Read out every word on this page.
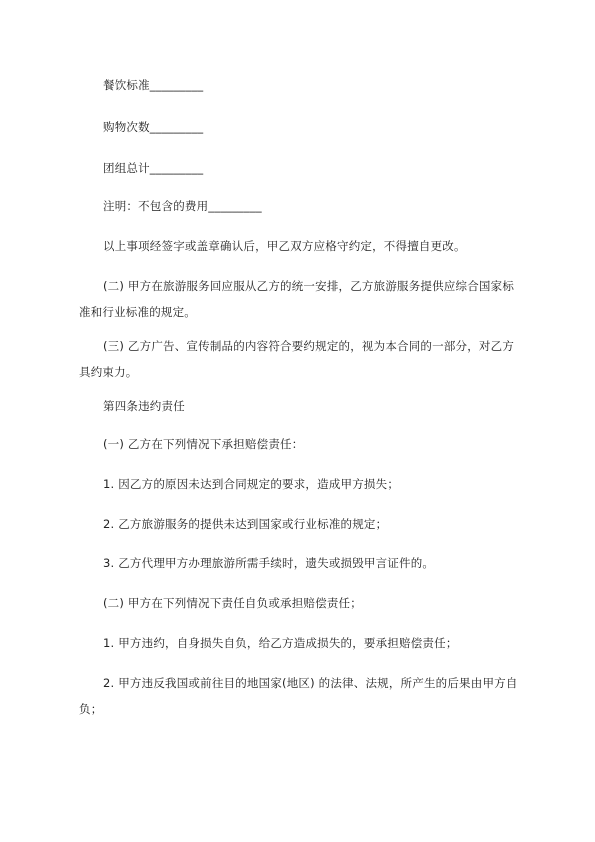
餐饮标准_________

购物次数_________

团组总计_________

注明：不包含的费用_________

以上事项经签字或盖章确认后，甲乙双方应格守约定，不得擅自更改。

(二) 甲方在旅游服务回应服从乙方的统一安排，乙方旅游服务提供应综合国家标准和行业标准的规定。

(三) 乙方广告、宣传制品的内容符合要约规定的，视为本合同的一部分，对乙方具约束力。

第四条违约责任

(一) 乙方在下列情况下承担赔偿责任：

1. 因乙方的原因未达到合同规定的要求，造成甲方损失；

2. 乙方旅游服务的提供未达到国家或行业标准的规定；

3. 乙方代理甲方办理旅游所需手续时，遗失或损毁甲言证件的。

(二) 甲方在下列情况下责任自负或承担赔偿责任；

1. 甲方违约，自身损失自负，给乙方造成损失的，要承担赔偿责任；

2. 甲方违反我国或前往目的地国家(地区) 的法律、法规，所产生的后果由甲方自负；
